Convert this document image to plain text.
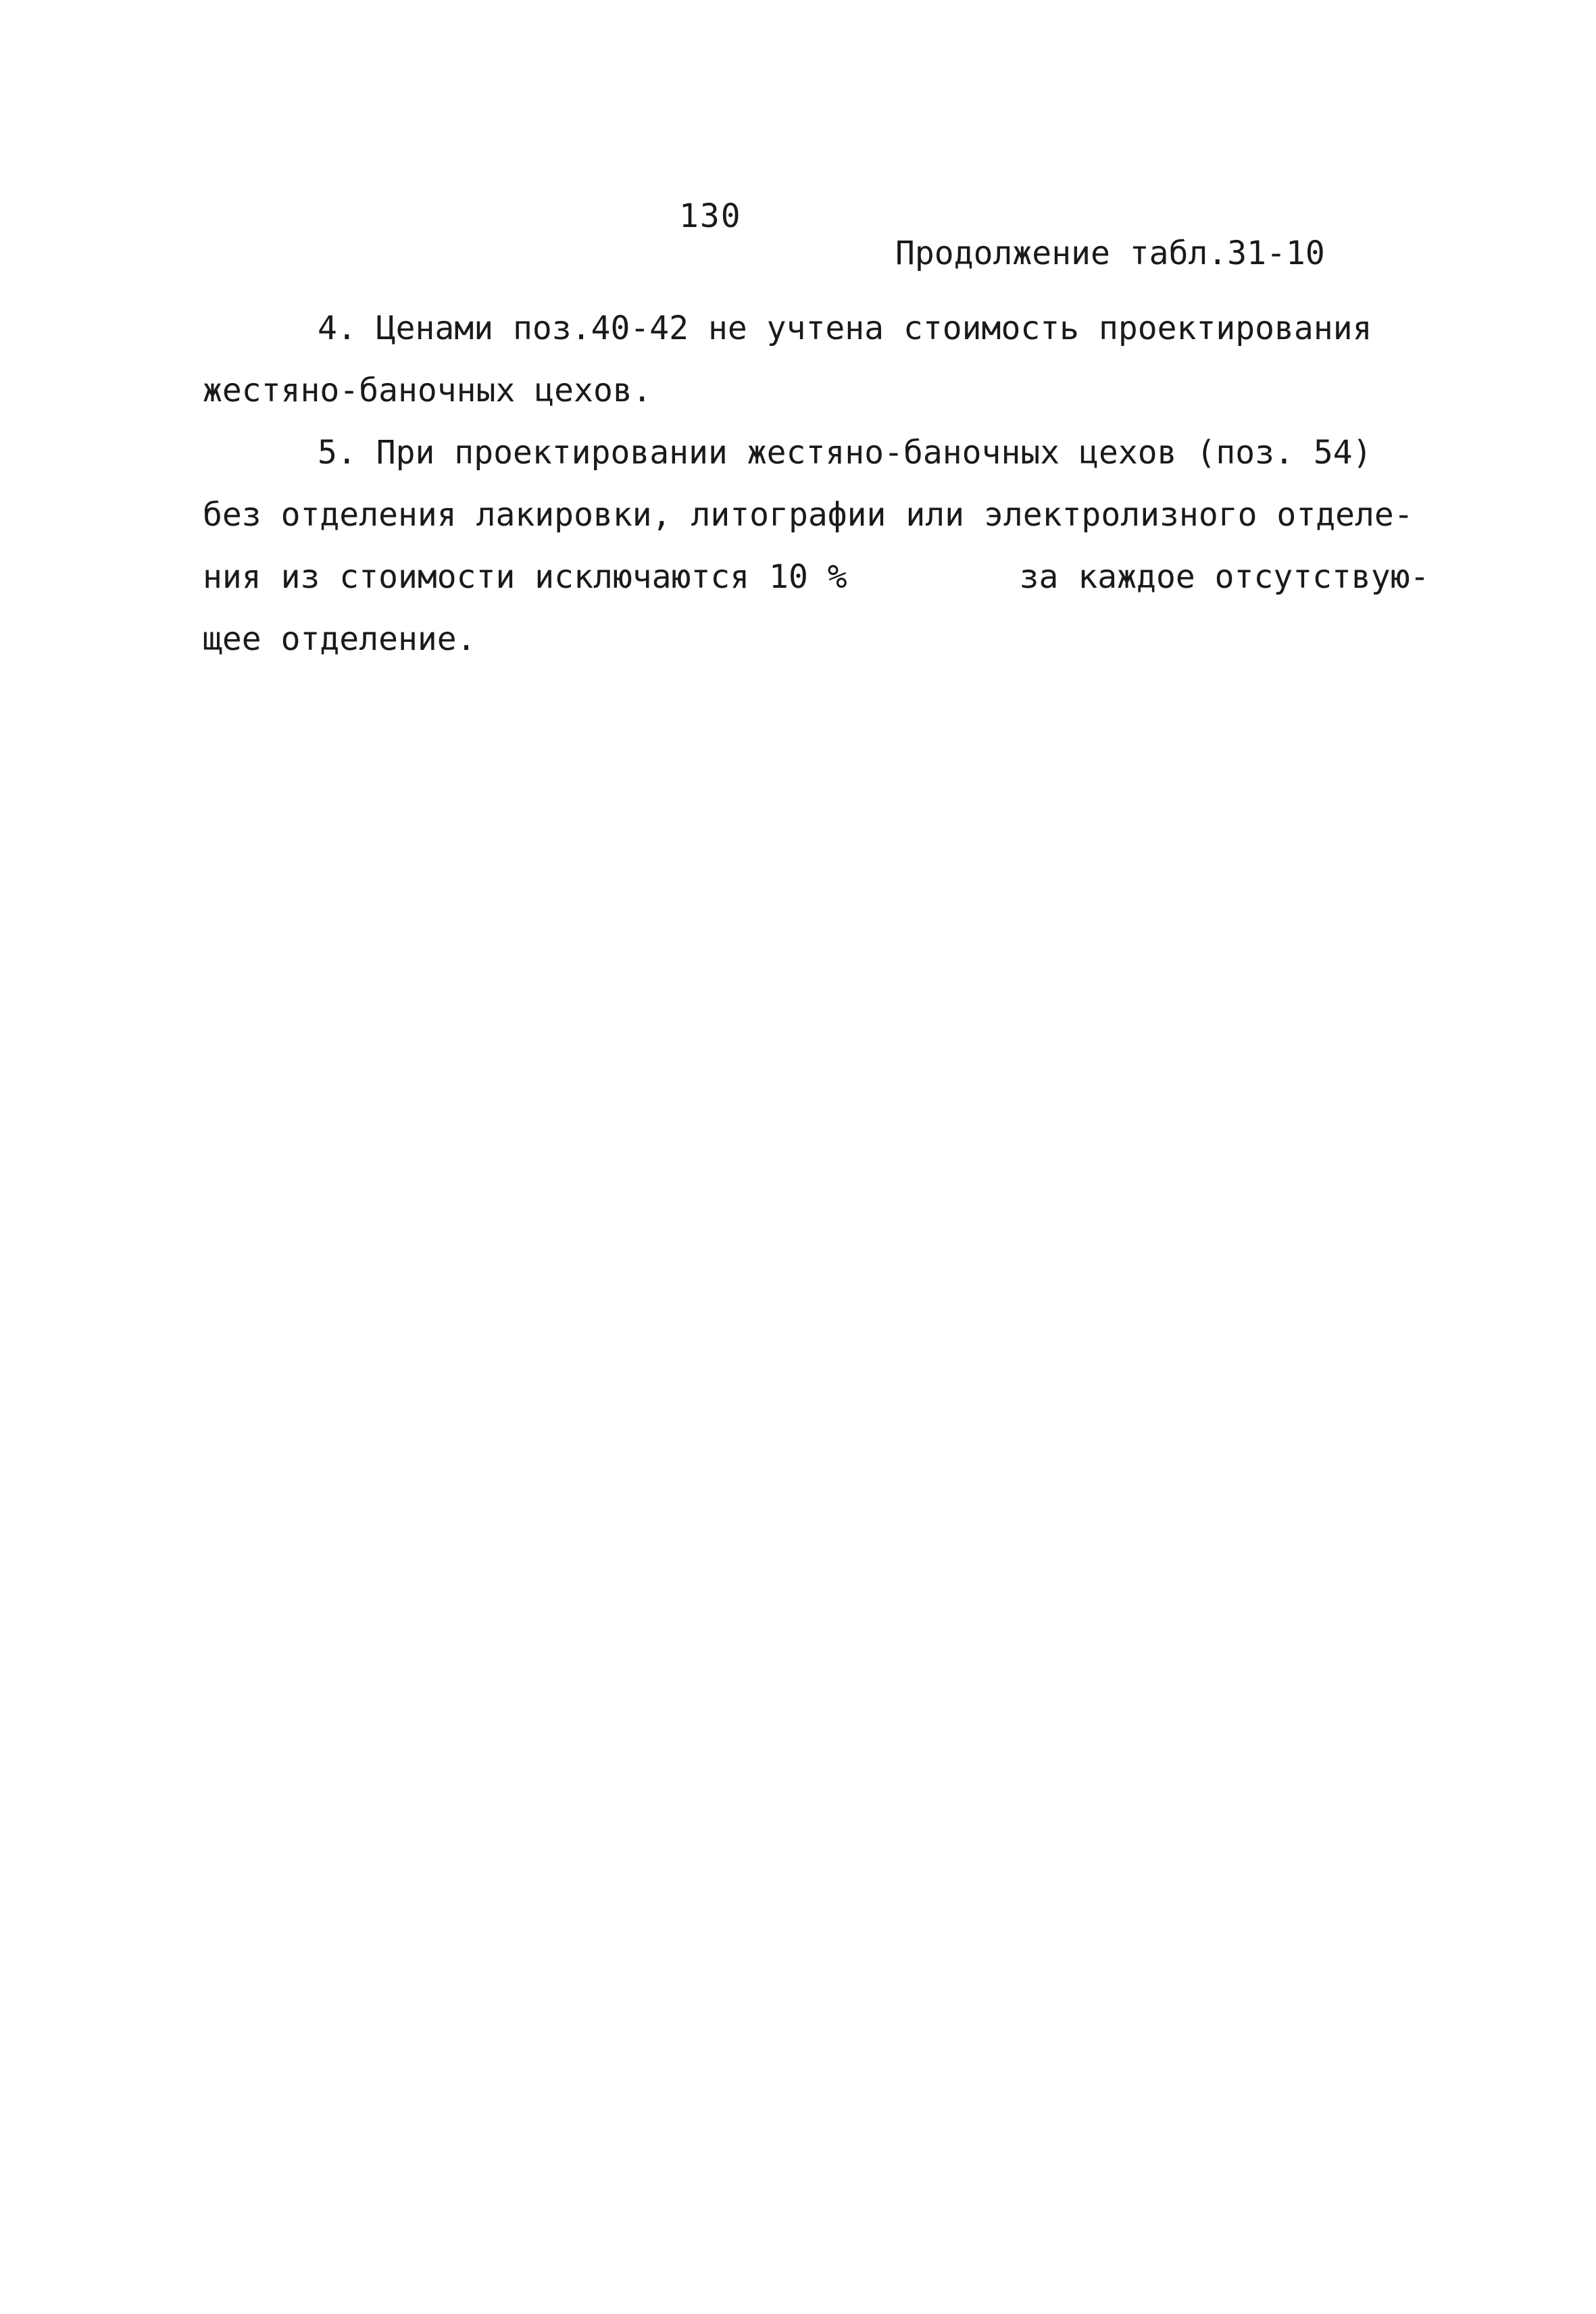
130
Продолжение табл.31-10
4. Ценами поз.40-42 не учтена стоимость проектирования
жестяно-баночных цехов.
5. При проектировании жестяно-баночных цехов (поз. 54)
без отделения лакировки, литографии или электролизного отделе-
ния из стоимости исключаются 10 %	за каждое отсутствую-
щее отделение.
